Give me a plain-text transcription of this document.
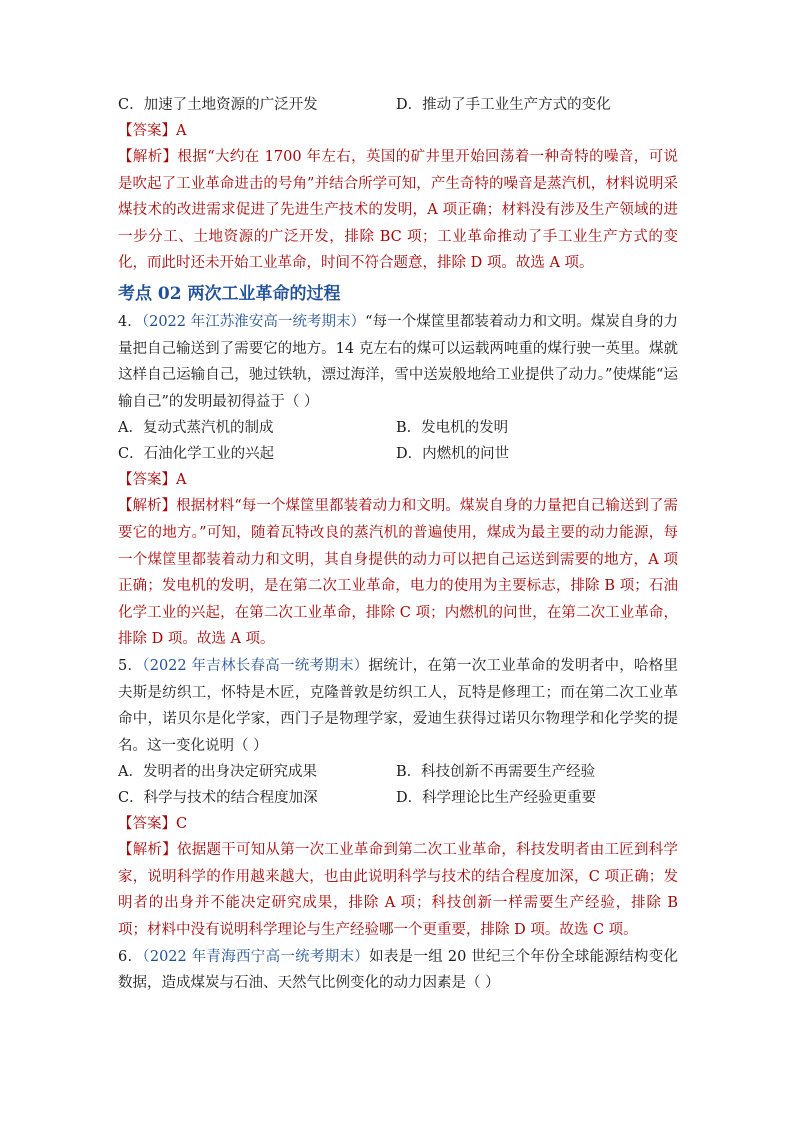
C．加速了土地资源的广泛开发	D．推动了手工业生产方式的变化
【答案】A
【解析】根据“大约在 1700 年左右，英国的矿井里开始回荡着一种奇特的噪音，可说是吹起了工业革命进击的号角”并结合所学可知，产生奇特的噪音是蒸汽机，材料说明采煤技术的改进需求促进了先进生产技术的发明，A 项正确；材料没有涉及生产领域的进一步分工、土地资源的广泛开发，排除 BC 项；工业革命推动了手工业生产方式的变化，而此时还未开始工业革命，时间不符合题意，排除 D 项。故选 A 项。
考点 02 两次工业革命的过程
4．（2022 年江苏淮安高一统考期末）“每一个煤筐里都装着动力和文明。煤炭自身的力量把自己输送到了需要它的地方。14 克左右的煤可以运载两吨重的煤行驶一英里。煤就这样自己运输自己，驰过铁轨，漂过海洋，雪中送炭般地给工业提供了动力。”使煤能“运输自己”的发明最初得益于（ ）
A．复动式蒸汽机的制成	B．发电机的发明
C．石油化学工业的兴起	D．内燃机的问世
【答案】A
【解析】根据材料“每一个煤筐里都装着动力和文明。煤炭自身的力量把自己输送到了需要它的地方。”可知，随着瓦特改良的蒸汽机的普遍使用，煤成为最主要的动力能源，每一个煤筐里都装着动力和文明，其自身提供的动力可以把自己运送到需要的地方，A 项正确；发电机的发明，是在第二次工业革命，电力的使用为主要标志，排除 B 项；石油化学工业的兴起，在第二次工业革命，排除 C 项；内燃机的问世，在第二次工业革命，排除 D 项。故选 A 项。
5．（2022 年吉林长春高一统考期末）据统计，在第一次工业革命的发明者中，哈格里夫斯是纺织工，怀特是木匠，克隆普敦是纺织工人，瓦特是修理工；而在第二次工业革命中，诺贝尔是化学家，西门子是物理学家，爱迪生获得过诺贝尔物理学和化学奖的提名。这一变化说明（ ）
A．发明者的出身决定研究成果	B．科技创新不再需要生产经验
C．科学与技术的结合程度加深	D．科学理论比生产经验更重要
【答案】C
【解析】依据题干可知从第一次工业革命到第二次工业革命，科技发明者由工匠到科学家，说明科学的作用越来越大，也由此说明科学与技术的结合程度加深，C 项正确；发明者的出身并不能决定研究成果，排除 A 项；科技创新一样需要生产经验，排除 B 项；材料中没有说明科学理论与生产经验哪一个更重要，排除 D 项。故选 C 项。
6．（2022 年青海西宁高一统考期末）如表是一组 20 世纪三个年份全球能源结构变化数据，造成煤炭与石油、天然气比例变化的动力因素是（ ）
